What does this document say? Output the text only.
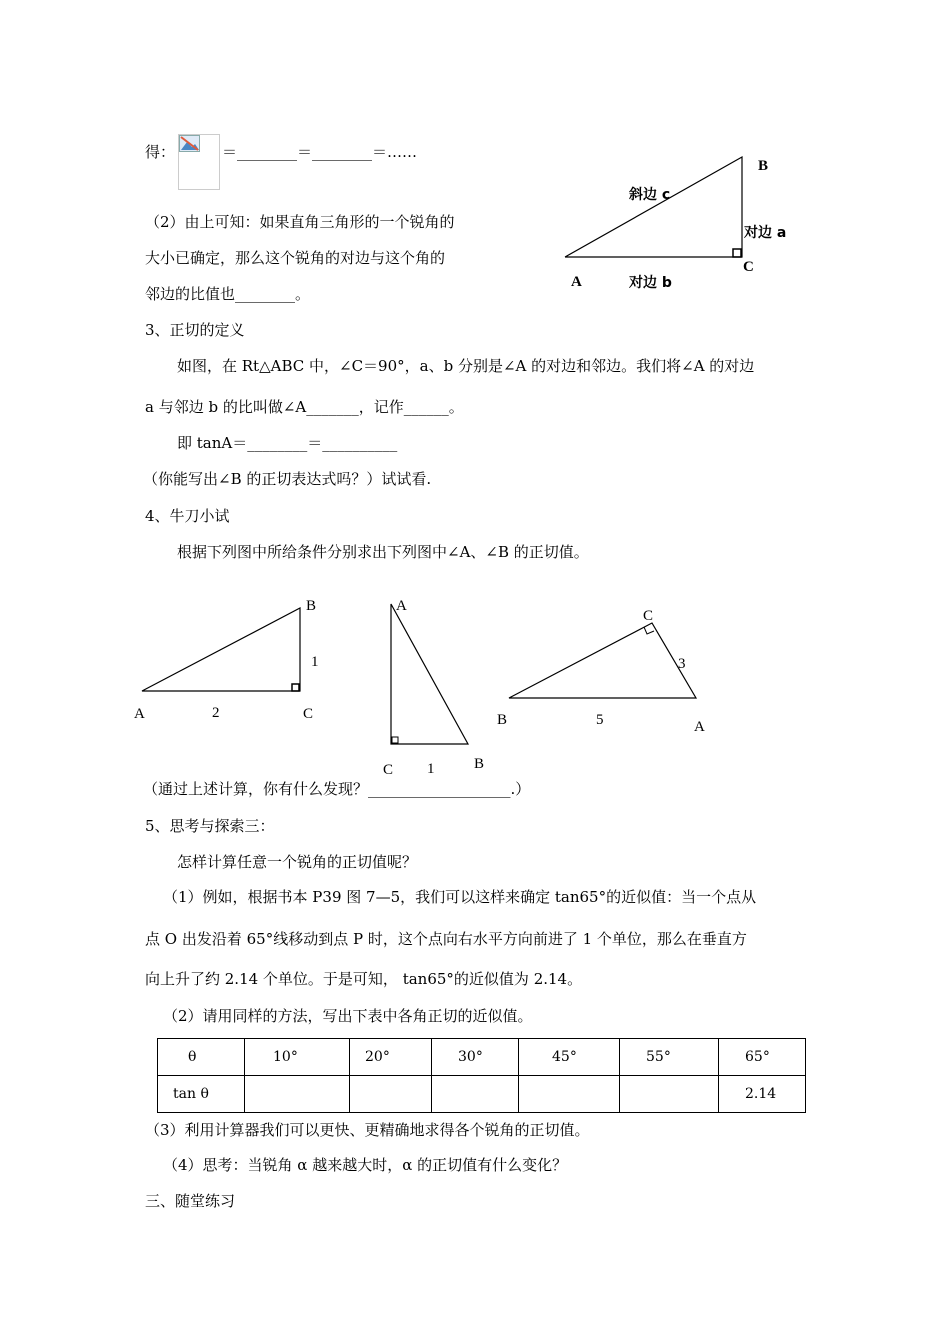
得：	＝________＝________＝……
（2）由上可知：如果直角三角形的一个锐角的
大小已确定，那么这个锐角的对边与这个角的
邻边的比值也________。
B
A
C
斜边 c
对边 a
对边 b
3、正切的定义
如图，在 Rt△ABC 中，∠C＝90°，a、b 分别是∠A 的对边和邻边。我们将∠A 的对边
a 与邻边 b 的比叫做∠A_______，记作______。
即 tanA＝________＝__________
（你能写出∠B 的正切表达式吗？）试试看.
4、牛刀小试
根据下列图中所给条件分别求出下列图中∠A、∠B 的正切值。
B
1
A	2	C
A
C 1	B
C
3
B	5	A
（通过上述计算，你有什么发现？___________________.）
5、思考与探索三：
怎样计算任意一个锐角的正切值呢？
（1）例如，根据书本 P39 图 7—5，我们可以这样来确定 tan65°的近似值：当一个点从
点 O 出发沿着 65°线移动到点 P 时，这个点向右水平方向前进了 1 个单位，那么在垂直方
向上升了约 2.14 个单位。于是可知， tan65°的近似值为 2.14。
（2）请用同样的方法，写出下表中各角正切的近似值。
θ	10°	20°	30°	45°	55°	65°
tan θ						2.14
（3）利用计算器我们可以更快、更精确地求得各个锐角的正切值。
（4）思考：当锐角 α 越来越大时，α 的正切值有什么变化？
三、随堂练习
